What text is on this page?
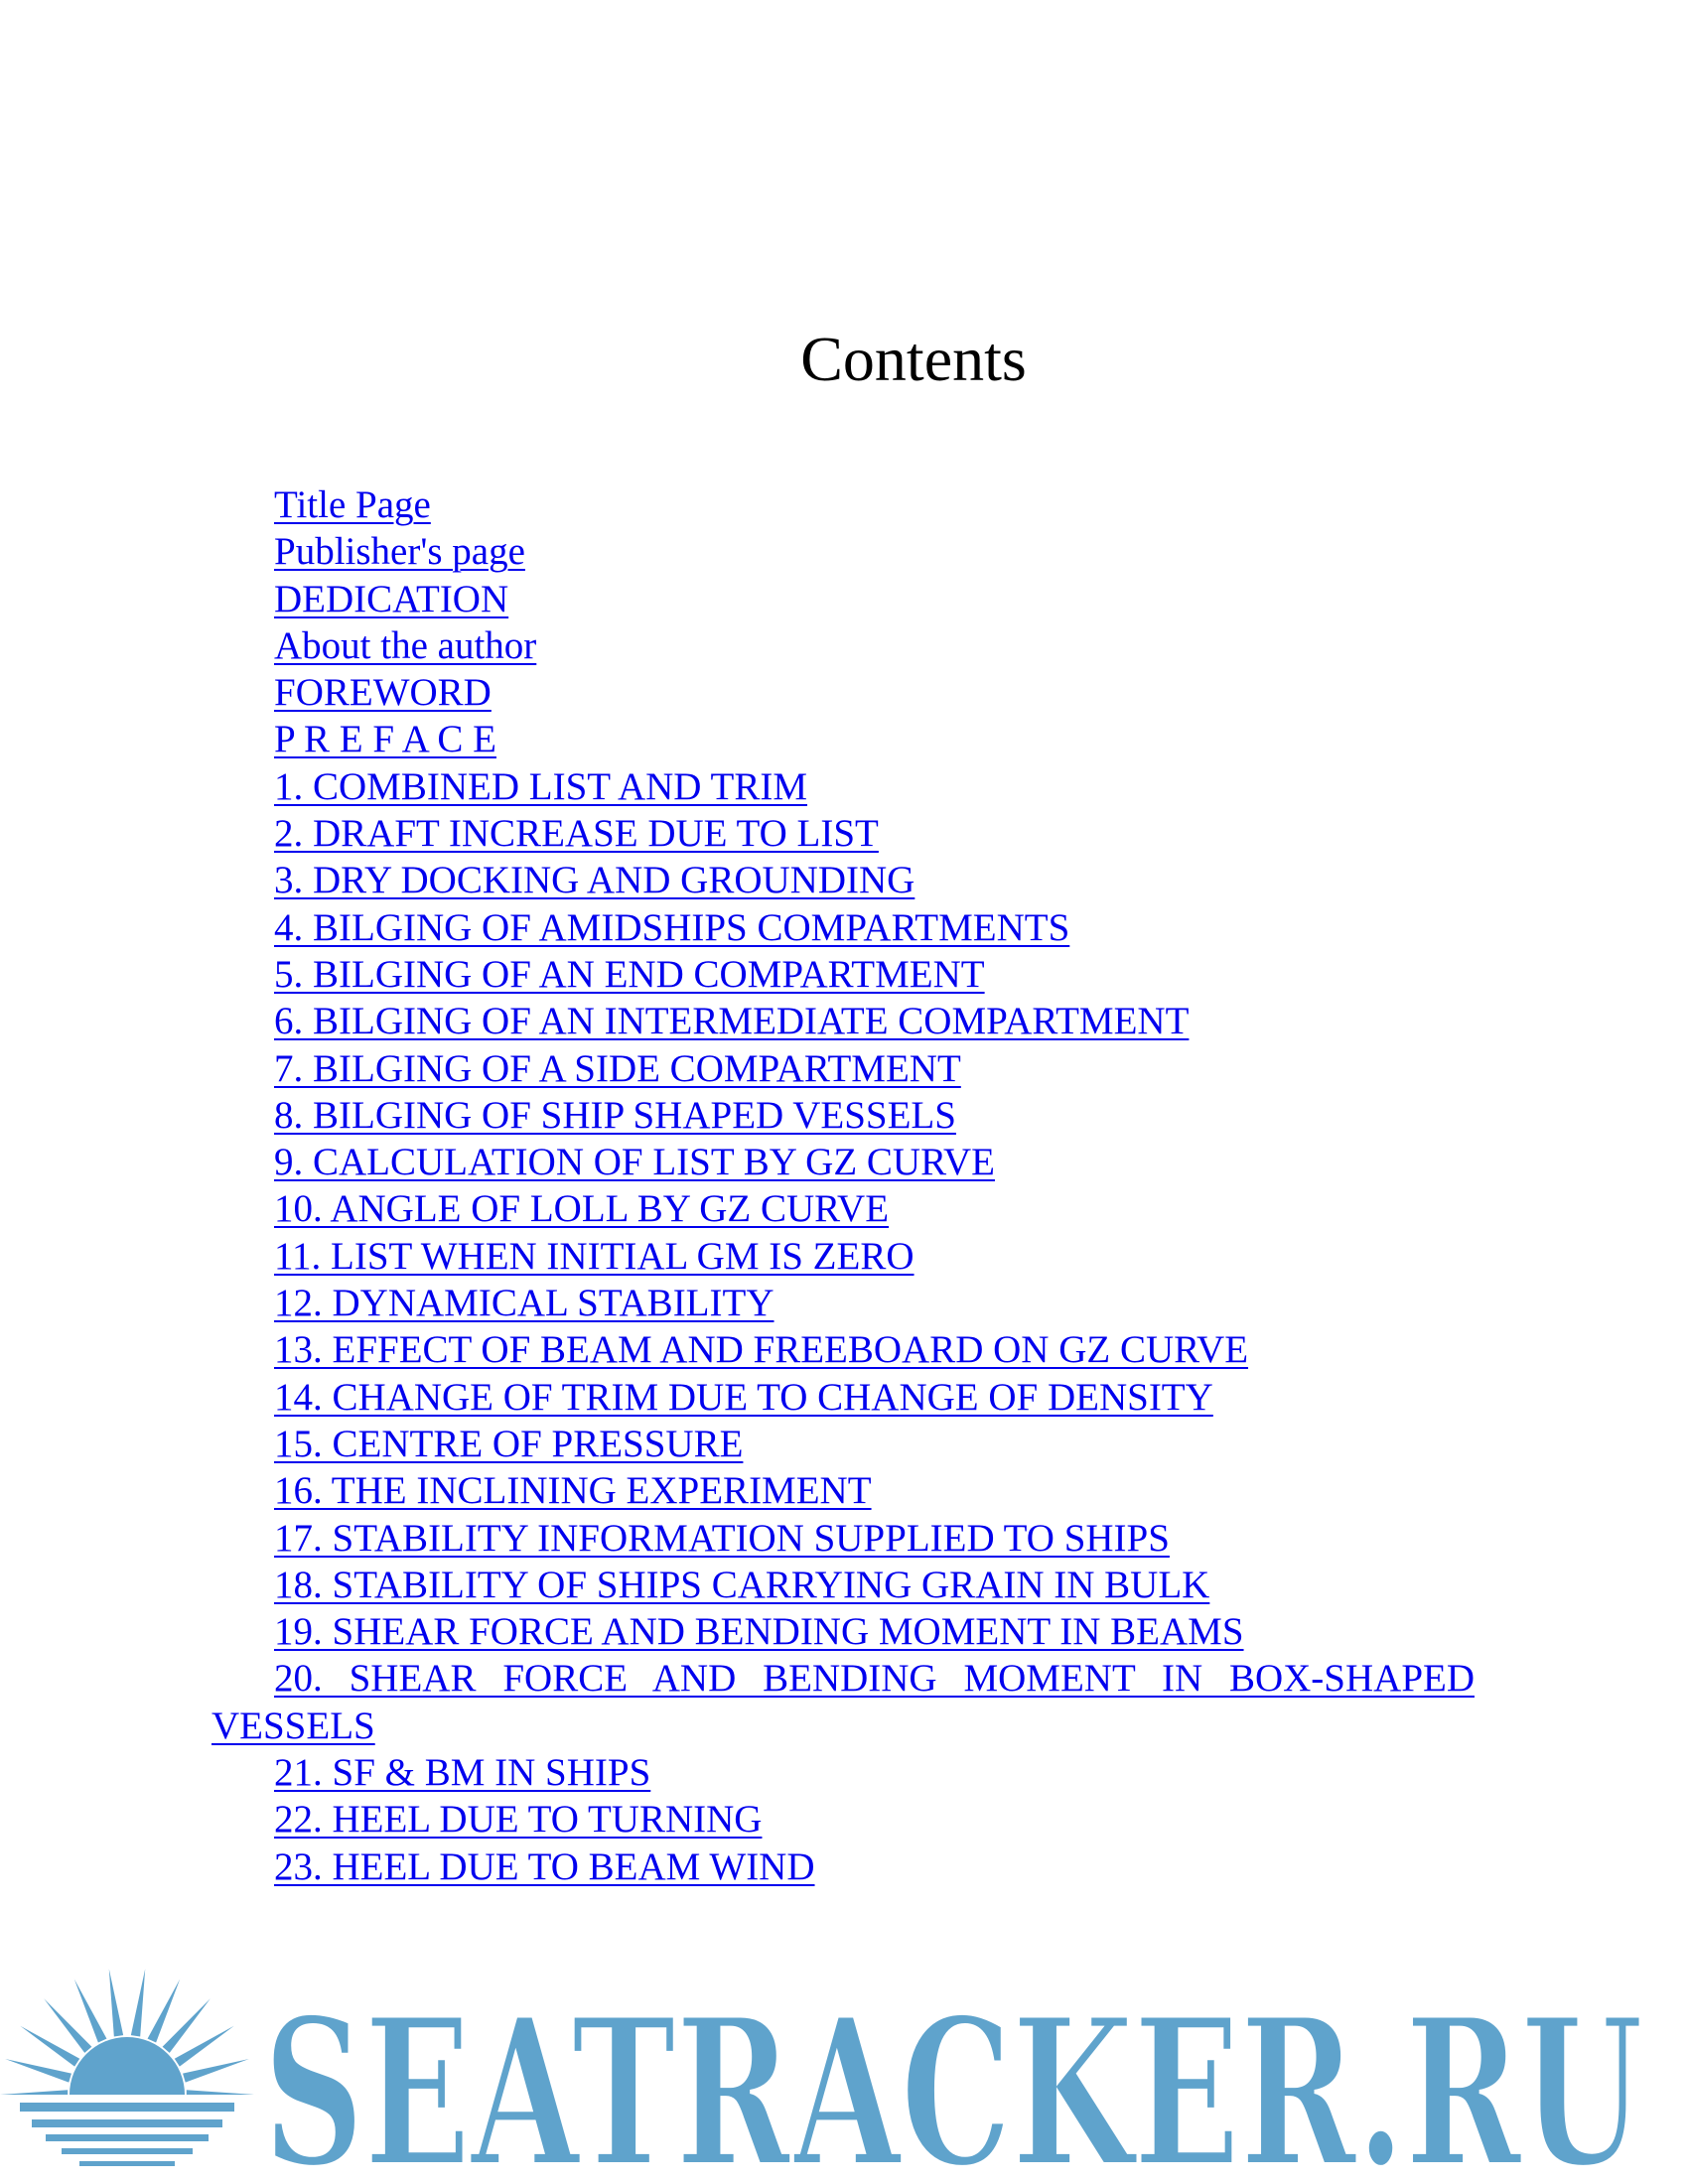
Contents
Title Page
Publisher's page
DEDICATION
About the author
FOREWORD
P R E F A C E
1. COMBINED LIST AND TRIM
2. DRAFT INCREASE DUE TO LIST
3. DRY DOCKING AND GROUNDING
4. BILGING OF AMIDSHIPS COMPARTMENTS
5. BILGING OF AN END COMPARTMENT
6. BILGING OF AN INTERMEDIATE COMPARTMENT
7. BILGING OF A SIDE COMPARTMENT
8. BILGING OF SHIP SHAPED VESSELS
9. CALCULATION OF LIST BY GZ CURVE
10. ANGLE OF LOLL BY GZ CURVE
11. LIST WHEN INITIAL GM IS ZERO
12. DYNAMICAL STABILITY
13. EFFECT OF BEAM AND FREEBOARD ON GZ CURVE
14. CHANGE OF TRIM DUE TO CHANGE OF DENSITY
15. CENTRE OF PRESSURE
16. THE INCLINING EXPERIMENT
17. STABILITY INFORMATION SUPPLIED TO SHIPS
18. STABILITY OF SHIPS CARRYING GRAIN IN BULK
19. SHEAR FORCE AND BENDING MOMENT IN BEAMS
20. SHEAR FORCE AND BENDING MOMENT IN BOX-SHAPED VESSELS
21. SF & BM IN SHIPS
22. HEEL DUE TO TURNING
23. HEEL DUE TO BEAM WIND
SEATRACKER.RU
